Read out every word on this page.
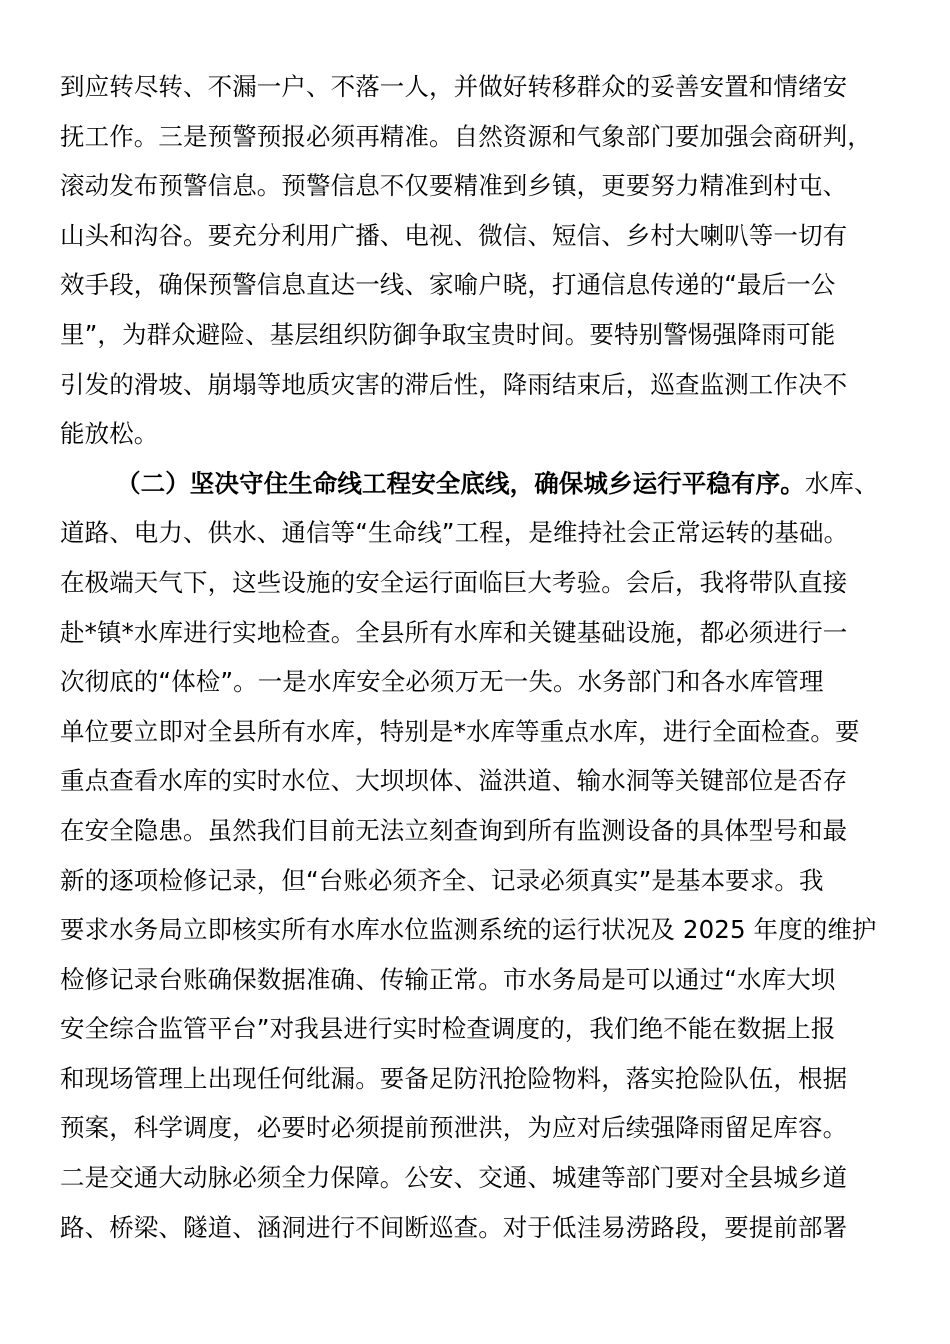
到应转尽转、不漏一户、不落一人，并做好转移群众的妥善安置和情绪安
抚工作。三是预警预报必须再精准。自然资源和气象部门要加强会商研判，
滚动发布预警信息。预警信息不仅要精准到乡镇，更要努力精准到村屯、
山头和沟谷。要充分利用广播、电视、微信、短信、乡村大喇叭等一切有
效手段，确保预警信息直达一线、家喻户晓，打通信息传递的“最后一公
里”，为群众避险、基层组织防御争取宝贵时间。要特别警惕强降雨可能
引发的滑坡、崩塌等地质灾害的滞后性，降雨结束后，巡查监测工作决不
能放松。
（二）坚决守住生命线工程安全底线，确保城乡运行平稳有序。水库、
道路、电力、供水、通信等“生命线”工程，是维持社会正常运转的基础。
在极端天气下，这些设施的安全运行面临巨大考验。会后，我将带队直接
赴*镇*水库进行实地检查。全县所有水库和关键基础设施，都必须进行一
次彻底的“体检”。一是水库安全必须万无一失。水务部门和各水库管理
单位要立即对全县所有水库，特别是*水库等重点水库，进行全面检查。要
重点查看水库的实时水位、大坝坝体、溢洪道、输水洞等关键部位是否存
在安全隐患。虽然我们目前无法立刻查询到所有监测设备的具体型号和最
新的逐项检修记录，但“台账必须齐全、记录必须真实”是基本要求。我
要求水务局立即核实所有水库水位监测系统的运行状况及 2025 年度的维护
检修记录台账确保数据准确、传输正常。市水务局是可以通过“水库大坝
安全综合监管平台”对我县进行实时检查调度的，我们绝不能在数据上报
和现场管理上出现任何纰漏。要备足防汛抢险物料，落实抢险队伍，根据
预案，科学调度，必要时必须提前预泄洪，为应对后续强降雨留足库容。
二是交通大动脉必须全力保障。公安、交通、城建等部门要对全县城乡道
路、桥梁、隧道、涵洞进行不间断巡查。对于低洼易涝路段，要提前部署
